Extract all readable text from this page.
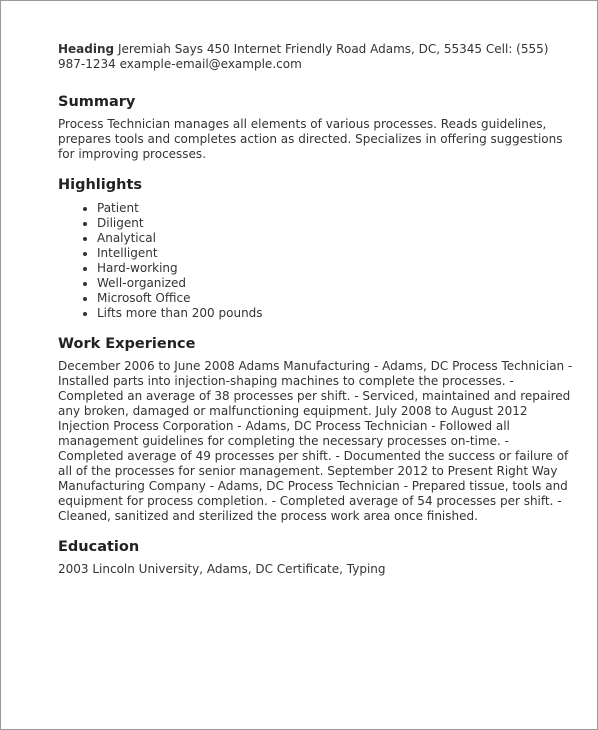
Heading Jeremiah Says 450 Internet Friendly Road Adams, DC, 55345 Cell: (555) 987-1234 example-email@example.com
Summary
Process Technician manages all elements of various processes. Reads guidelines, prepares tools and completes action as directed. Specializes in offering suggestions for improving processes.
Highlights
• Patient
• Diligent
• Analytical
• Intelligent
• Hard-working
• Well-organized
• Microsoft Office
• Lifts more than 200 pounds
Work Experience
December 2006 to June 2008 Adams Manufacturing - Adams, DC Process Technician - Installed parts into injection-shaping machines to complete the processes. - Completed an average of 38 processes per shift. - Serviced, maintained and repaired any broken, damaged or malfunctioning equipment. July 2008 to August 2012 Injection Process Corporation - Adams, DC Process Technician - Followed all management guidelines for completing the necessary processes on-time. - Completed average of 49 processes per shift. - Documented the success or failure of all of the processes for senior management. September 2012 to Present Right Way Manufacturing Company - Adams, DC Process Technician - Prepared tissue, tools and equipment for process completion. - Completed average of 54 processes per shift. - Cleaned, sanitized and sterilized the process work area once finished.
Education
2003 Lincoln University, Adams, DC Certificate, Typing
